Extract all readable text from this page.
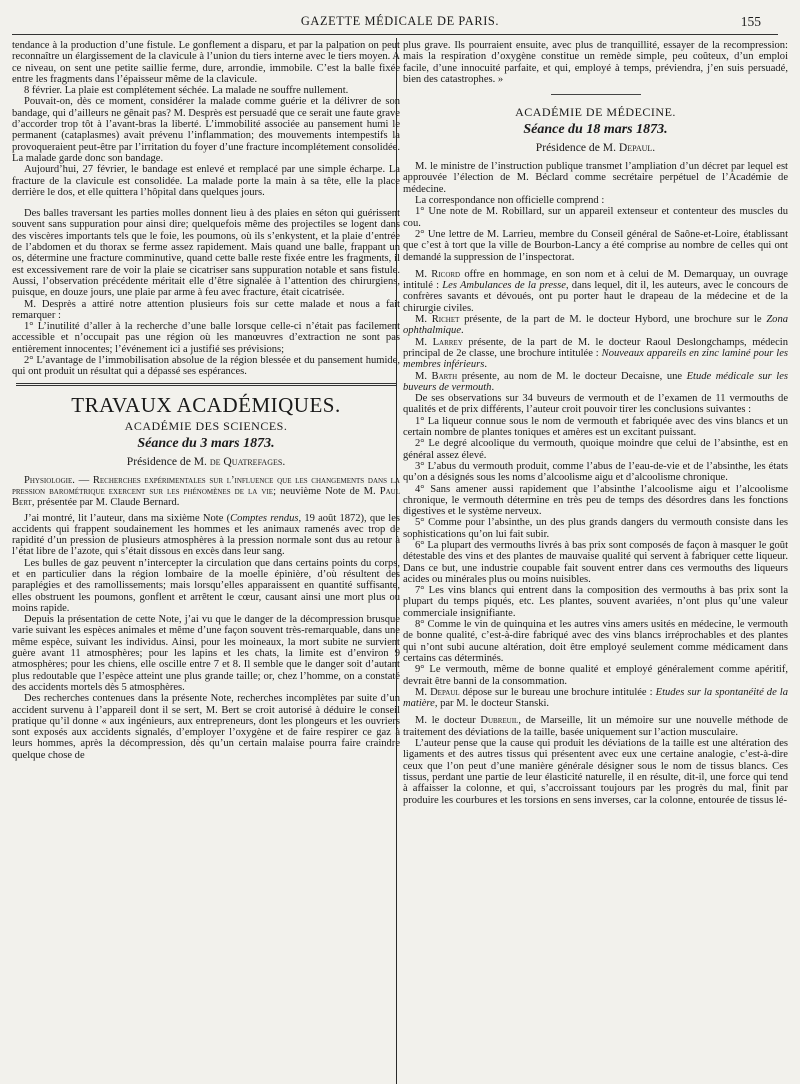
GAZETTE MÉDICALE DE PARIS.	155

tendance à la production d’une fistule. Le gonflement a disparu, et par la palpation on peut reconnaître un élargissement de la clavicule à l’union du tiers interne avec le tiers moyen. A ce niveau, on sent une petite saillie ferme, dure, arrondie, immobile. C’est la balle fixée entre les fragments dans l’épaisseur même de la clavicule.

8 février. La plaie est complétement séchée. La malade ne souffre nullement.

Pouvait-on, dès ce moment, considérer la malade comme guérie et la délivrer de son bandage, qui d’ailleurs ne gênait pas? M. Desprès est persuadé que ce serait une faute grave d’accorder trop tôt à l’avant-bras la liberté. L’immobilité associée au pansement humi le permanent (cataplasmes) avait prévenu l’inflammation; des mouvements intempestifs la provoqueraient peut-être par l’irritation du foyer d’une fracture incomplétement consolidée. La malade garde donc son bandage.

Aujourd’hui, 27 février, le bandage est enlevé et remplacé par une simple écharpe. La fracture de la clavicule est consolidée. La malade porte la main à sa tête, elle la place derrière le dos, et elle quittera l’hôpital dans quelques jours.

Des balles traversant les parties molles donnent lieu à des plaies en séton qui guérissent souvent sans suppuration pour ainsi dire; quelquefois même des projectiles se logent dans des viscères importants tels que le foie, les poumons, où ils s’enkystent, et la plaie d’entrée de l’abdomen et du thorax se ferme assez rapidement. Mais quand une balle, frappant un os, détermine une fracture comminutive, quand cette balle reste fixée entre les fragments, il est excessivement rare de voir la plaie se cicatriser sans suppuration notable et sans fistule. Aussi, l’observation précédente méritait elle d’être signalée à l’attention des chirurgiens, puisque, en douze jours, une plaie par arme à feu avec fracture, était cicatrisée.

M. Desprès a attiré notre attention plusieurs fois sur cette malade et nous a fait remarquer :

1° L’inutilité d’aller à la recherche d’une balle lorsque celle-ci n’était pas facilement accessible et n’occupait pas une région où les manœuvres d’extraction ne sont pas entièrement innocentes; l’événement ici a justifié ses prévisions;

2° L’avantage de l’immobilisation absolue de la région blessée et du pansement humide, qui ont produit un résultat qui a dépassé ses espérances.

TRAVAUX ACADÉMIQUES.

ACADÉMIE DES SCIENCES.

Séance du 3 mars 1873.

Présidence de M. de Quatrefages.

Physiologie. — Recherches expérimentales sur l’influence que les changements dans la pression barométrique exercent sur les phénomènes de la vie; neuvième Note de M. Paul Bert, présentée par M. Claude Bernard.

J’ai montré, lit l’auteur, dans ma sixième Note (Comptes rendus, 19 août 1872), que les accidents qui frappent soudainement les hommes et les animaux ramenés avec trop de rapidité d’un pression de plusieurs atmosphères à la pression normale sont dus au retour à l’état libre de l’azote, qui s’était dissous en excès dans leur sang.

Les bulles de gaz peuvent n’intercepter la circulation que dans certains points du corps, et en particulier dans la région lombaire de la moelle épinière, d’où résultent des paraplégies et des ramollissements; mais lorsqu’elles apparaissent en quantité suffisante, elles obstruent les poumons, gonflent et arrêtent le cœur, causant ainsi une mort plus ou moins rapide.

Depuis la présentation de cette Note, j’ai vu que le danger de la décompression brusque varie suivant les espèces animales et même d’une façon souvent très-remarquable, dans une même espèce, suivant les individus. Ainsi, pour les moineaux, la mort subite ne survient guère avant 11 atmosphères; pour les lapins et les chats, la limite est d’environ 9 atmosphères; pour les chiens, elle oscille entre 7 et 8. Il semble que le danger soit d’autant plus redoutable que l’espèce atteint une plus grande taille; or, chez l’homme, on a constaté des accidents mortels dès 5 atmosphères.

Des recherches contenues dans la présente Note, recherches incomplètes par suite d’un accident survenu à l’appareil dont il se sert, M. Bert se croit autorisé à déduire le conseil pratique qu’il donne « aux ingénieurs, aux entrepreneurs, dont les plongeurs et les ouvriers sont exposés aux accidents signalés, d’employer l’oxygène et de faire respirer ce gaz à leurs hommes, après la décompression, dès qu’un certain malaise pourra faire craindre quelque chose de

plus grave. Ils pourraient ensuite, avec plus de tranquillité, essayer de la recompression: mais la respiration d’oxygène constitue un remède simple, peu coûteux, d’un emploi facile, d’une innocuité parfaite, et qui, employé à temps, préviendra, j’en suis persuadé, bien des catastrophes. »

ACADÉMIE DE MÉDECINE.

Séance du 18 mars 1873.

Présidence de M. Depaul.

M. le ministre de l’instruction publique transmet l’ampliation d’un décret par lequel est approuvée l’élection de M. Béclard comme secrétaire perpétuel de l’Académie de médecine.

La correspondance non officielle comprend :

1° Une note de M. Robillard, sur un appareil extenseur et contenteur des muscles du cou.

2° Une lettre de M. Larrieu, membre du Conseil général de Saône-et-Loire, établissant que c’est à tort que la ville de Bourbon-Lancy a été comprise au nombre de celles qui ont demandé la suppression de l’inspectorat.

M. Ricord offre en hommage, en son nom et à celui de M. Demarquay, un ouvrage intitulé : Les Ambulances de la presse, dans lequel, dit il, les auteurs, avec le concours de confrères savants et dévoués, ont pu porter haut le drapeau de la médecine et de la chirurgie civiles.

M. Richet présente, de la part de M. le docteur Hybord, une brochure sur le Zona ophthalmique.

M. Larrey présente, de la part de M. le docteur Raoul Deslongchamps, médecin principal de 2e classe, une brochure intitulée : Nouveaux appareils en zinc laminé pour les membres inférieurs.

M. Barth présente, au nom de M. le docteur Decaisne, une Etude médicale sur les buveurs de vermouth.

De ses observations sur 34 buveurs de vermouth et de l’examen de 11 vermouths de qualités et de prix différents, l’auteur croit pouvoir tirer les conclusions suivantes :

1° La liqueur connue sous le nom de vermouth et fabriquée avec des vins blancs et un certain nombre de plantes toniques et amères est un excitant puissant.

2° Le degré alcoolique du vermouth, quoique moindre que celui de l’absinthe, est en général assez élevé.

3° L’abus du vermouth produit, comme l’abus de l’eau-de-vie et de l’absinthe, les états qu’on a désignés sous les noms d’alcoolisme aigu et d’alcoolisme chronique.

4° Sans amener aussi rapidement que l’absinthe l’alcoolisme aigu et l’alcoolisme chronique, le vermouth détermine en très peu de temps des désordres dans les fonctions digestives et le système nerveux.

5° Comme pour l’absinthe, un des plus grands dangers du vermouth consiste dans les sophistications qu’on lui fait subir.

6° La plupart des vermouths livrés à bas prix sont composés de façon à masquer le goût détestable des vins et des plantes de mauvaise qualité qui servent à fabriquer cette liqueur. Dans ce but, une industrie coupable fait souvent entrer dans ces vermouths des liqueurs acides ou minérales plus ou moins nuisibles.

7° Les vins blancs qui entrent dans la composition des vermouths à bas prix sont la plupart du temps piqués, etc. Les plantes, souvent avariées, n’ont plus qu’une valeur commerciale insignifiante.

8° Comme le vin de quinquina et les autres vins amers usités en médecine, le vermouth de bonne qualité, c’est-à-dire fabriqué avec des vins blancs irréprochables et des plantes qui n’ont subi aucune altération, doit être employé seulement comme médicament dans certains cas déterminés.

9° Le vermouth, même de bonne qualité et employé généralement comme apéritif, devrait être banni de la consommation.

M. Depaul dépose sur le bureau une brochure intitulée : Etudes sur la spontanéité de la matière, par M. le docteur Stanski.

M. le docteur Dubreuil, de Marseille, lit un mémoire sur une nouvelle méthode de traitement des déviations de la taille, basée uniquement sur l’action musculaire.

L’auteur pense que la cause qui produit les déviations de la taille est une altération des ligaments et des autres tissus qui présentent avec eux une certaine analogie, c’est-à-dire ceux que l’on peut d’une manière générale désigner sous le nom de tissus blancs. Ces tissus, perdant une partie de leur élasticité naturelle, il en résulte, dit-il, une force qui tend à affaisser la colonne, et qui, s’accroissant toujours par les progrès du mal, finit par produire les courbures et les torsions en sens inverses, car la colonne, entourée de tissus lé-
